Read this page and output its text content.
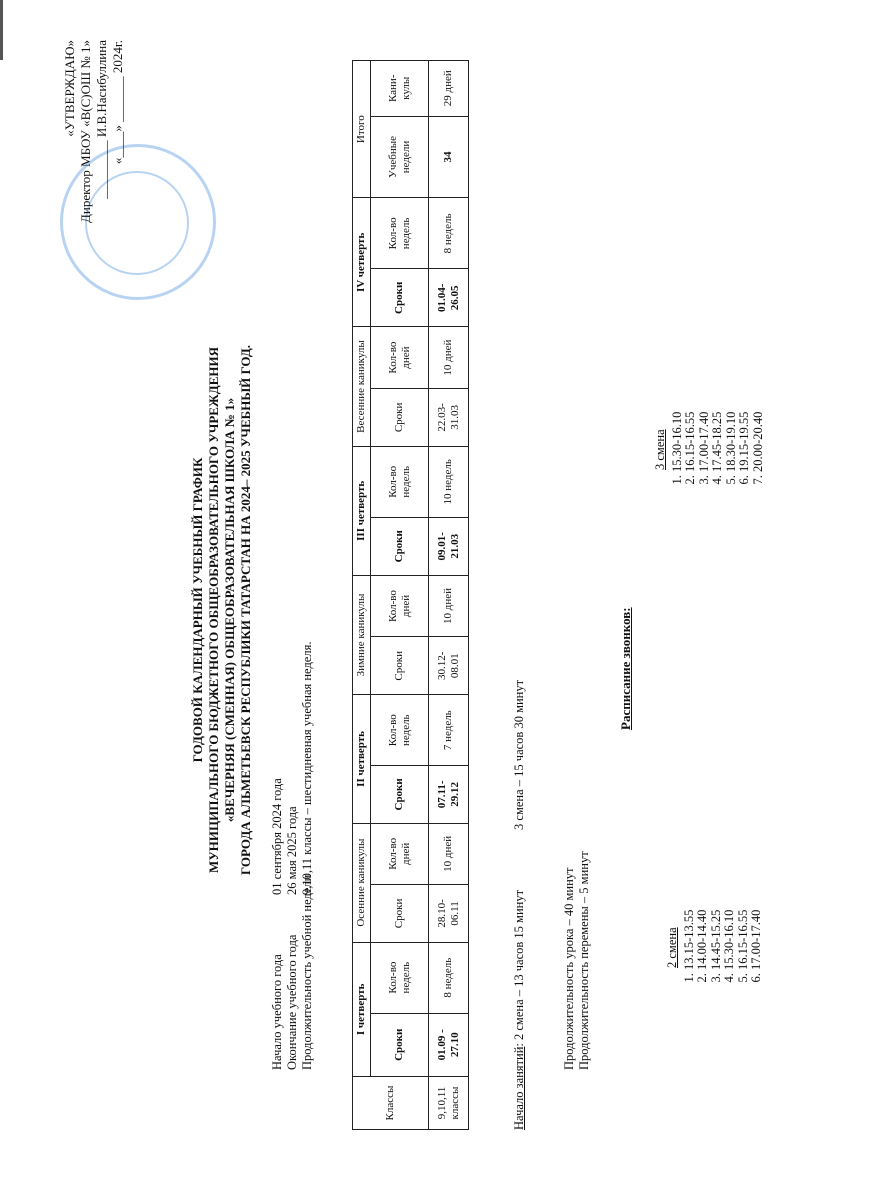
«УТВЕРЖДАЮ» Директор МБОУ «В(С)ОШ № 1» _________ И.В.Насибуллина «____» _______ 2024г.
ГОДОВОЙ КАЛЕНДАРНЫЙ УЧЕБНЫЙ ГРАФИК МУНИЦИПАЛЬНОГО БЮДЖЕТНОГО ОБЩЕОБРАЗОВАТЕЛЬНОГО УЧРЕЖДЕНИЯ «ВЕЧЕРНЯЯ (СМЕННАЯ) ОБЩЕОБРАЗОВАТЕЛЬНАЯ ШКОЛА № 1» ГОРОДА АЛЬМЕТЬЕВСК РЕСПУБЛИКИ ТАТАРСТАН НА 2024– 2025 УЧЕБНЫЙ ГОД.
Начало учебного года01 сентября 2024 года
Окончание учебного года26 мая 2025 года
Продолжительность учебной недели9,10,11 классы – шестидневная учебная неделя.
Классы	I четверть		Осенние каникулы		II четверть		Зимние каникулы		III четверть		Весенние каникулы		IV четверть		Итого	
	Сроки	Кол-во недель	Сроки	Кол-во дней	Сроки	Кол-во недель	Сроки	Кол-во дней	Сроки	Кол-во недель	Сроки	Кол-во дней	Сроки	Кол-во недель	Учебные недели	Кани-кулы
9,10,11 классы	01.09 - 27.10	8 недель	28.10-06.11	10 дней	07.11-29.12	7 недель	30.12-08.01	10 дней	09.01-21.03	10 недель	22.03-31.03	10 дней	01.04-26.05	8 недель	34	29 дней
Начало занятий: 2 смена – 13 часов 15 минут3 смена – 15 часов 30 минут
Продолжительность урока – 40 минут Продолжительность перемены – 5 минут
Расписание звонков:
2 смена 1. 13.15-13.55 2. 14.00-14.40 3. 14.45-15.25 4. 15.30-16.10 5. 16.15-16.55 6. 17.00-17.40
3 смена 1. 15.30-16.10 2. 16.15-16.55 3. 17.00-17.40 4. 17.45-18.25 5. 18.30-19.10 6. 19.15-19.55 7. 20.00-20.40
